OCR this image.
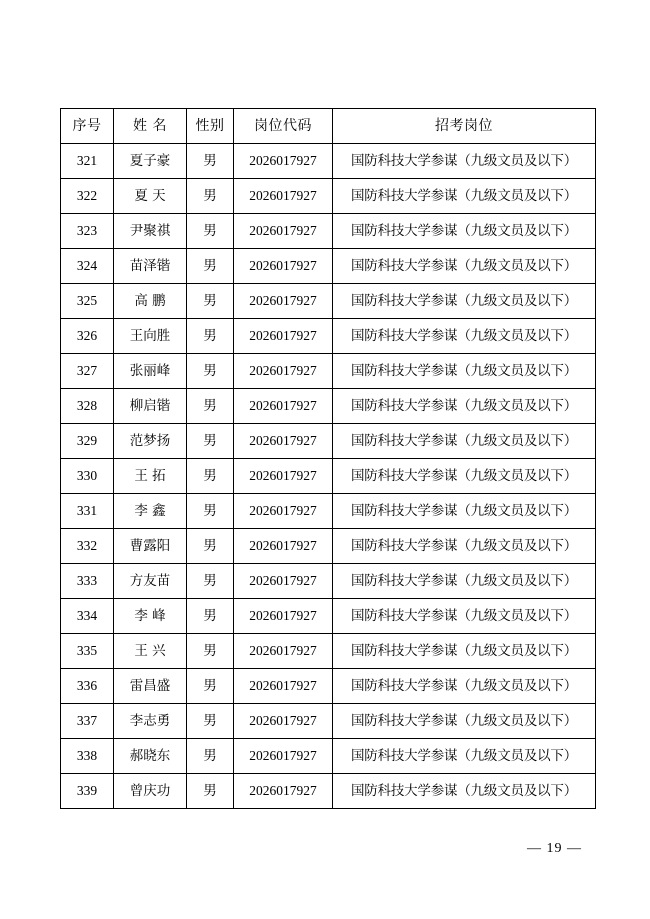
序号	姓 名	性别	岗位代码	招考岗位
321	夏子豪	男	2026017927	国防科技大学参谋（九级文员及以下）
322	夏 天	男	2026017927	国防科技大学参谋（九级文员及以下）
323	尹聚祺	男	2026017927	国防科技大学参谋（九级文员及以下）
324	苗泽锴	男	2026017927	国防科技大学参谋（九级文员及以下）
325	高 鹏	男	2026017927	国防科技大学参谋（九级文员及以下）
326	王向胜	男	2026017927	国防科技大学参谋（九级文员及以下）
327	张丽峰	男	2026017927	国防科技大学参谋（九级文员及以下）
328	柳启锴	男	2026017927	国防科技大学参谋（九级文员及以下）
329	范梦扬	男	2026017927	国防科技大学参谋（九级文员及以下）
330	王 拓	男	2026017927	国防科技大学参谋（九级文员及以下）
331	李 鑫	男	2026017927	国防科技大学参谋（九级文员及以下）
332	曹露阳	男	2026017927	国防科技大学参谋（九级文员及以下）
333	方友苗	男	2026017927	国防科技大学参谋（九级文员及以下）
334	李 峰	男	2026017927	国防科技大学参谋（九级文员及以下）
335	王 兴	男	2026017927	国防科技大学参谋（九级文员及以下）
336	雷昌盛	男	2026017927	国防科技大学参谋（九级文员及以下）
337	李志勇	男	2026017927	国防科技大学参谋（九级文员及以下）
338	郝晓东	男	2026017927	国防科技大学参谋（九级文员及以下）
339	曾庆功	男	2026017927	国防科技大学参谋（九级文员及以下）
— 19 —
